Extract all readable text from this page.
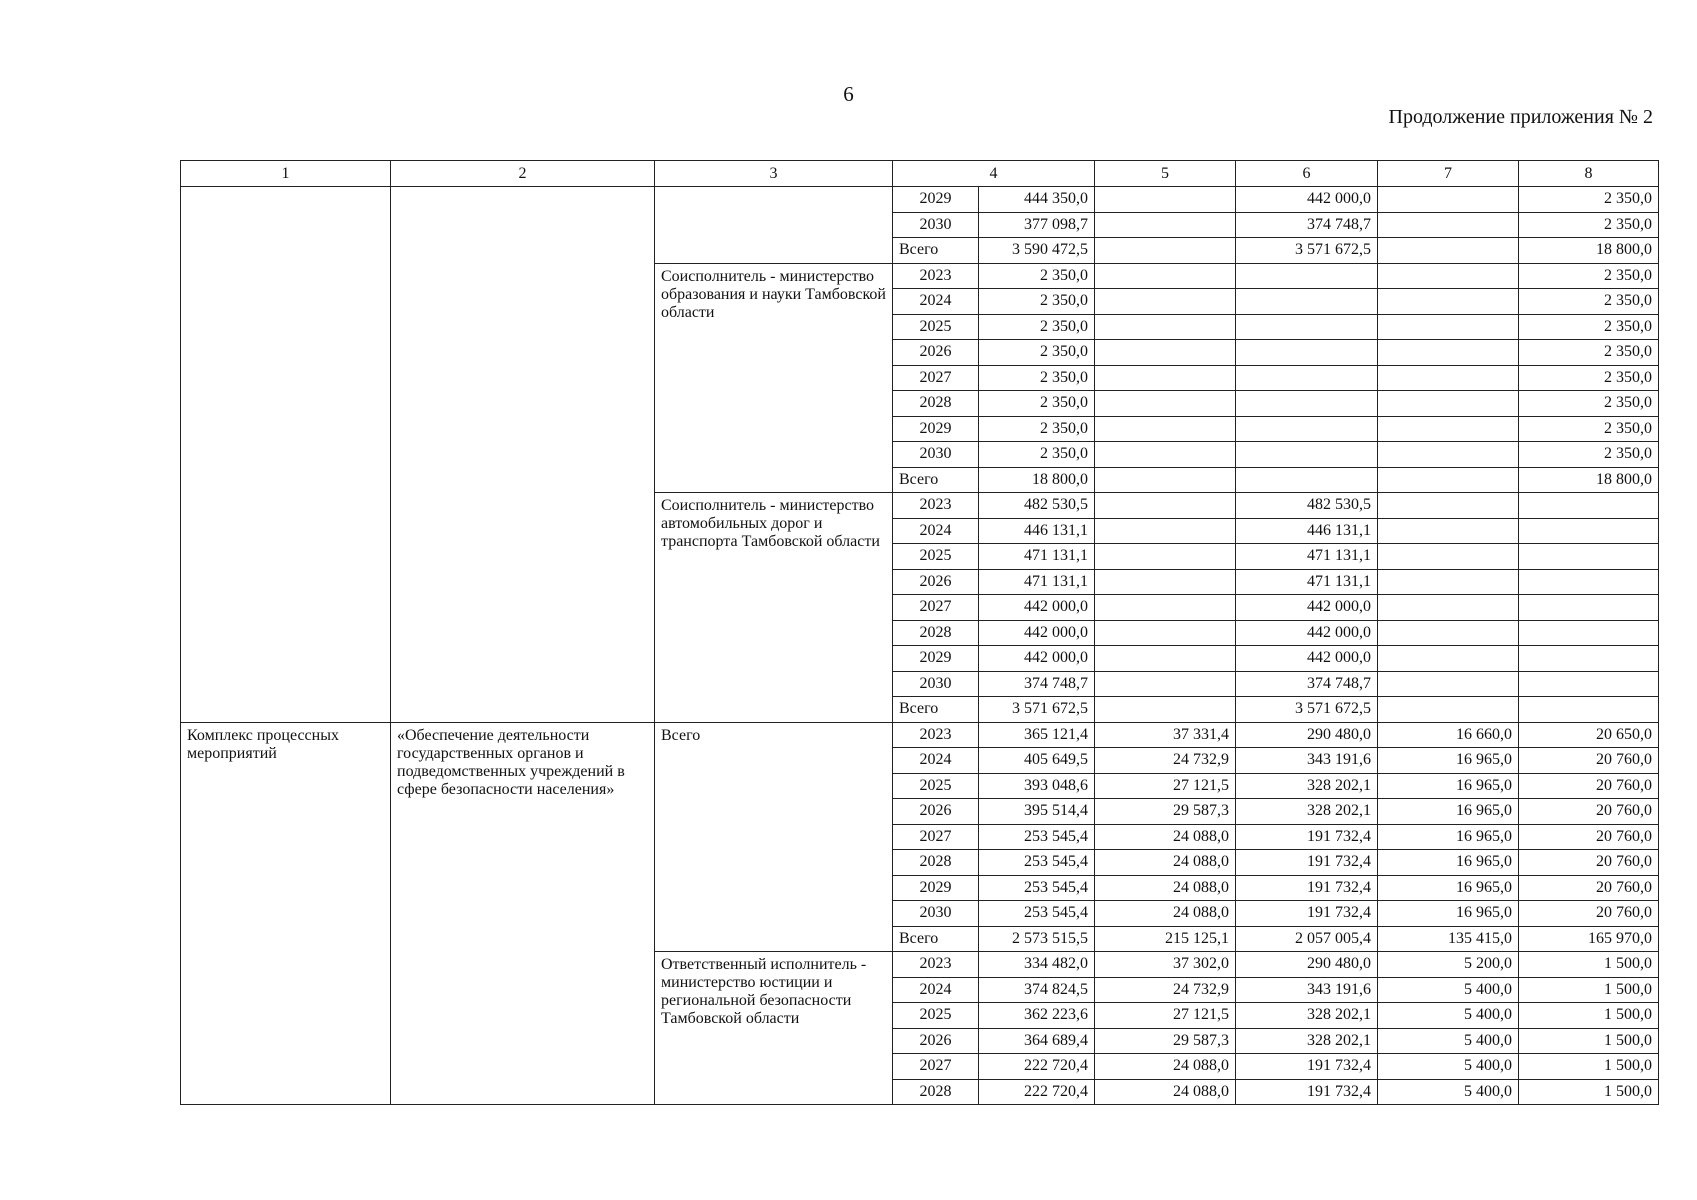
6
Продолжение приложения № 2
1	2	3	4		5	6	7	8
			2029	444 350,0		442 000,0		2 350,0
			2030	377 098,7		374 748,7		2 350,0
			Всего	3 590 472,5		3 571 672,5		18 800,0
		Соисполнитель - министерство образования и науки Тамбовской области	2023	2 350,0				2 350,0
			2024	2 350,0				2 350,0
			2025	2 350,0				2 350,0
			2026	2 350,0				2 350,0
			2027	2 350,0				2 350,0
			2028	2 350,0				2 350,0
			2029	2 350,0				2 350,0
			2030	2 350,0				2 350,0
			Всего	18 800,0				18 800,0
		Соисполнитель - министерство автомобильных дорог и транспорта Тамбовской области	2023	482 530,5		482 530,5		
			2024	446 131,1		446 131,1		
			2025	471 131,1		471 131,1		
			2026	471 131,1		471 131,1		
			2027	442 000,0		442 000,0		
			2028	442 000,0		442 000,0		
			2029	442 000,0		442 000,0		
			2030	374 748,7		374 748,7		
			Всего	3 571 672,5		3 571 672,5		
Комплекс процессных мероприятий	«Обеспечение деятельности государственных органов и подведомственных учреждений в сфере безопасности населения»	Всего	2023	365 121,4	37 331,4	290 480,0	16 660,0	20 650,0
			2024	405 649,5	24 732,9	343 191,6	16 965,0	20 760,0
			2025	393 048,6	27 121,5	328 202,1	16 965,0	20 760,0
			2026	395 514,4	29 587,3	328 202,1	16 965,0	20 760,0
			2027	253 545,4	24 088,0	191 732,4	16 965,0	20 760,0
			2028	253 545,4	24 088,0	191 732,4	16 965,0	20 760,0
			2029	253 545,4	24 088,0	191 732,4	16 965,0	20 760,0
			2030	253 545,4	24 088,0	191 732,4	16 965,0	20 760,0
			Всего	2 573 515,5	215 125,1	2 057 005,4	135 415,0	165 970,0
		Ответственный исполнитель - министерство юстиции и региональной безопасности Тамбовской области	2023	334 482,0	37 302,0	290 480,0	5 200,0	1 500,0
			2024	374 824,5	24 732,9	343 191,6	5 400,0	1 500,0
			2025	362 223,6	27 121,5	328 202,1	5 400,0	1 500,0
			2026	364 689,4	29 587,3	328 202,1	5 400,0	1 500,0
			2027	222 720,4	24 088,0	191 732,4	5 400,0	1 500,0
			2028	222 720,4	24 088,0	191 732,4	5 400,0	1 500,0
